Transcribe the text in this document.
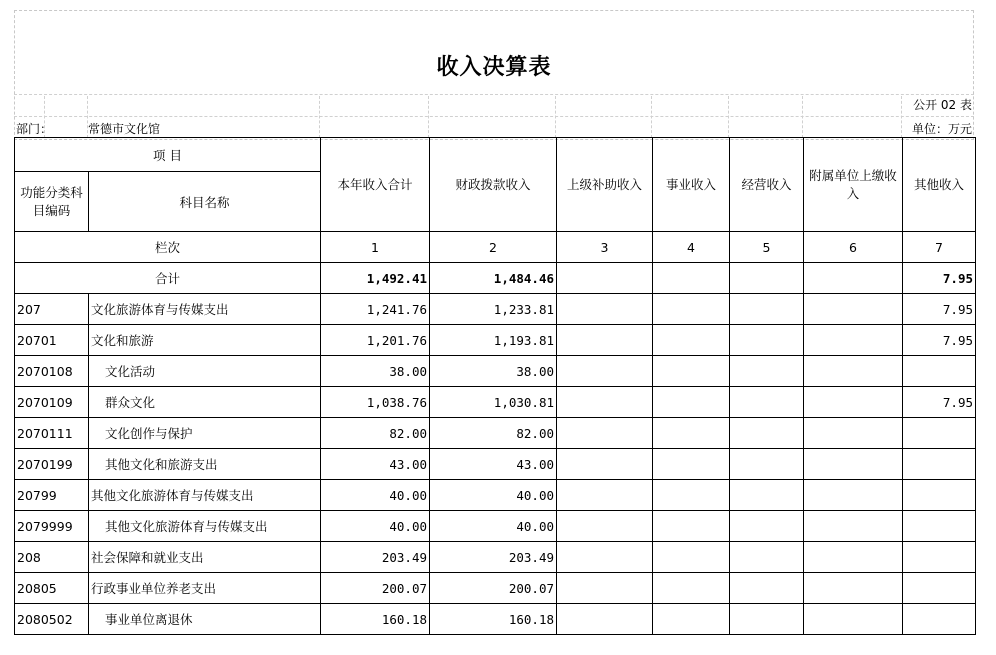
收入决算表
公开 02 表
部门：	常德市文化馆	单位：万元
项 目		本年收入合计	财政拨款收入	上级补助收入	事业收入	经营收入	附属单位上缴收入	其他收入
功能分类科目编码	科目名称							
栏次		1	2	3	4	5	6	7
合计		1,492.41	1,484.46					7.95
207	文化旅游体育与传媒支出	1,241.76	1,233.81					7.95
20701	文化和旅游	1,201.76	1,193.81					7.95
2070108	文化活动	38.00	38.00					
2070109	群众文化	1,038.76	1,030.81					7.95
2070111	文化创作与保护	82.00	82.00					
2070199	其他文化和旅游支出	43.00	43.00					
20799	其他文化旅游体育与传媒支出	40.00	40.00					
2079999	其他文化旅游体育与传媒支出	40.00	40.00					
208	社会保障和就业支出	203.49	203.49					
20805	行政事业单位养老支出	200.07	200.07					
2080502	事业单位离退休	160.18	160.18					
